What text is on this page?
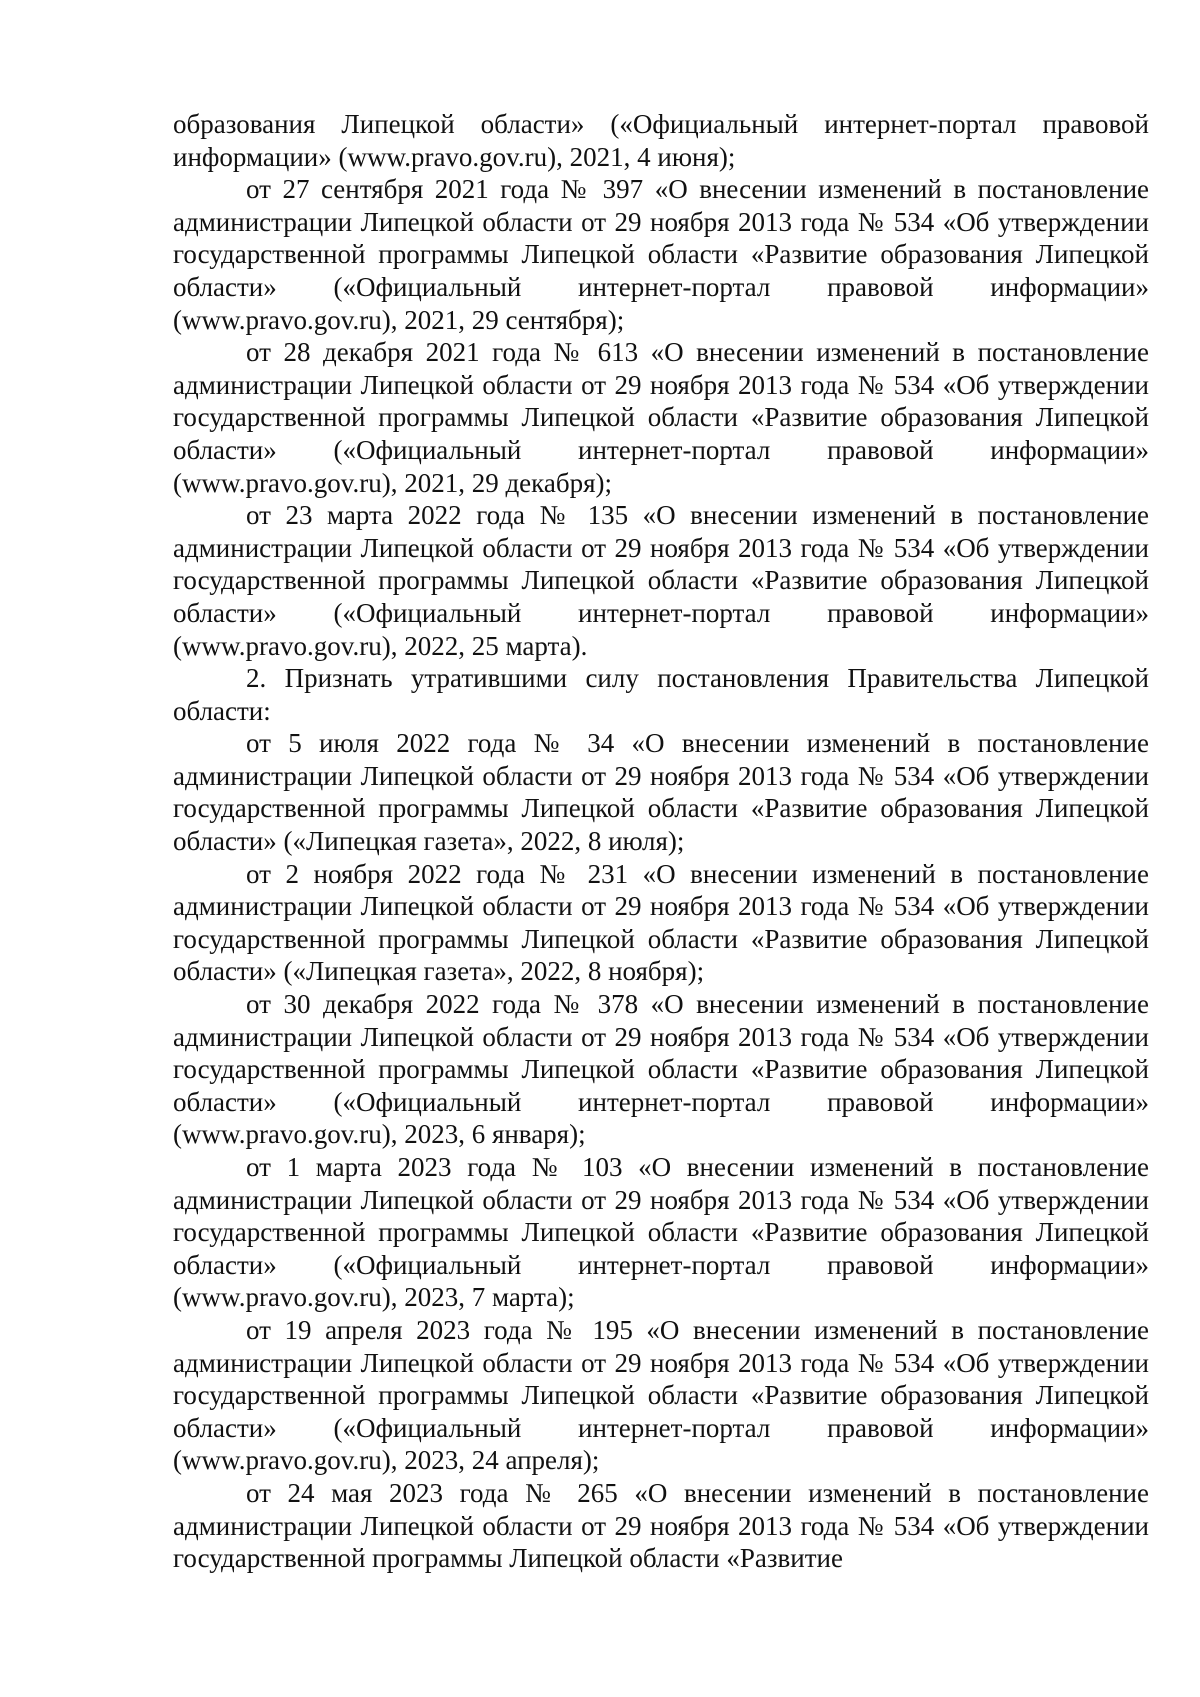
образования Липецкой области» («Официальный интернет-портал правовой информации» (www.pravo.gov.ru), 2021, 4 июня);

от 27 сентября 2021 года № 397 «О внесении изменений в постановление администрации Липецкой области от 29 ноября 2013 года № 534 «Об утверждении государственной программы Липецкой области «Развитие образования Липецкой области» («Официальный интернет-портал правовой информации» (www.pravo.gov.ru), 2021, 29 сентября);

от 28 декабря 2021 года № 613 «О внесении изменений в постановление администрации Липецкой области от 29 ноября 2013 года № 534 «Об утверждении государственной программы Липецкой области «Развитие образования Липецкой области» («Официальный интернет-портал правовой информации» (www.pravo.gov.ru), 2021, 29 декабря);

от 23 марта 2022 года № 135 «О внесении изменений в постановление администрации Липецкой области от 29 ноября 2013 года № 534 «Об утверждении государственной программы Липецкой области «Развитие образования Липецкой области» («Официальный интернет-портал правовой информации» (www.pravo.gov.ru), 2022, 25 марта).

2. Признать утратившими силу постановления Правительства Липецкой области:

от 5 июля 2022 года № 34 «О внесении изменений в постановление администрации Липецкой области от 29 ноября 2013 года № 534 «Об утверждении государственной программы Липецкой области «Развитие образования Липецкой области» («Липецкая газета», 2022, 8 июля);

от 2 ноября 2022 года № 231 «О внесении изменений в постановление администрации Липецкой области от 29 ноября 2013 года № 534 «Об утверждении государственной программы Липецкой области «Развитие образования Липецкой области» («Липецкая газета», 2022, 8 ноября);

от 30 декабря 2022 года № 378 «О внесении изменений в постановление администрации Липецкой области от 29 ноября 2013 года № 534 «Об утверждении государственной программы Липецкой области «Развитие образования Липецкой области» («Официальный интернет-портал правовой информации» (www.pravo.gov.ru), 2023, 6 января);

от 1 марта 2023 года № 103 «О внесении изменений в постановление администрации Липецкой области от 29 ноября 2013 года № 534 «Об утверждении государственной программы Липецкой области «Развитие образования Липецкой области» («Официальный интернет-портал правовой информации» (www.pravo.gov.ru), 2023, 7 марта);

от 19 апреля 2023 года № 195 «О внесении изменений в постановление администрации Липецкой области от 29 ноября 2013 года № 534 «Об утверждении государственной программы Липецкой области «Развитие образования Липецкой области» («Официальный интернет-портал правовой информации» (www.pravo.gov.ru), 2023, 24 апреля);

от 24 мая 2023 года № 265 «О внесении изменений в постановление администрации Липецкой области от 29 ноября 2013 года № 534 «Об утверждении государственной программы Липецкой области «Развитие
